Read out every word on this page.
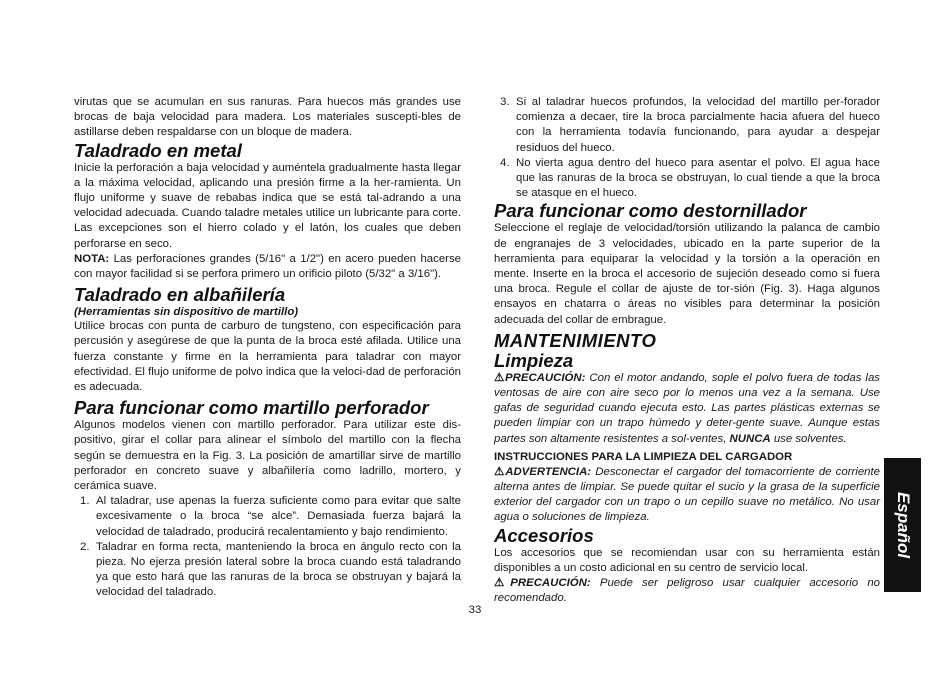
virutas que se acumulan en sus ranuras. Para huecos más grandes use brocas de baja velocidad para madera. Los materiales suscepti-bles de astillarse deben respaldarse con un bloque de madera.

Taladrado en metal

Inicie la perforación a baja velocidad y auméntela gradualmente hasta llegar a la máxima velocidad, aplicando una presión firme a la her-ramienta. Un flujo uniforme y suave de rebabas indica que se está tal-adrando a una velocidad adecuada. Cuando taladre metales utilice un lubricante para corte. Las excepciones son el hierro colado y el latón, los cuales que deben perforarse en seco.

NOTA: Las perforaciones grandes (5/16" a 1/2") en acero pueden hacerse con mayor facilidad si se perfora primero un orificio piloto (5/32" a 3/16").

Taladrado en albañilería
(Herramientas sin dispositivo de martillo)

Utilice brocas con punta de carburo de tungsteno, con especificación para percusión y asegúrese de que la punta de la broca esté afilada. Utilice una fuerza constante y firme en la herramienta para taladrar con mayor efectividad. El flujo uniforme de polvo indica que la veloci-dad de perforación es adecuada.

Para funcionar como martillo perforador

Algunos modelos vienen con martillo perforador. Para utilizar este dis-positivo, girar el collar para alinear el símbolo del martillo con la flecha según se demuestra en la Fig. 3. La posición de amartillar sirve de martillo perforador en concreto suave y albañilería como ladrillo, mortero, y cerámica suave.

1. Al taladrar, use apenas la fuerza suficiente como para evitar que salte excesivamente o la broca “se alce”. Demasiada fuerza bajará la velocidad de taladrado, producirá recalentamiento y bajo rendimiento.
2. Taladrar en forma recta, manteniendo la broca en ángulo recto con la pieza. No ejerza presión lateral sobre la broca cuando está taladrando ya que esto hará que las ranuras de la broca se obstruyan y bajará la velocidad del taladrado.
3. Si al taladrar huecos profundos, la velocidad del martillo per-forador comienza a decaer, tire la broca parcialmente hacia afuera del hueco con la herramienta todavía funcionando, para ayudar a despejar residuos del hueco.
4. No vierta agua dentro del hueco para asentar el polvo. El agua hace que las ranuras de la broca se obstruyan, lo cual tiende a que la broca se atasque en el hueco.
Para funcionar como destornillador

Seleccione el reglaje de velocidad/torsión utilizando la palanca de cambio de engranajes de 3 velocidades, ubicado en la parte superior de la herramienta para equiparar la velocidad y la torsión a la operación en mente. Inserte en la broca el accesorio de sujeción deseado como si fuera una broca. Regule el collar de ajuste de tor-sión (Fig. 3). Haga algunos ensayos en chatarra o áreas no visibles para determinar la posición adecuada del collar de embrague.

MANTENIMIENTO
Limpieza

⚠PRECAUCIÓN: Con el motor andando, sople el polvo fuera de todas las ventosas de aire con aire seco por lo menos una vez a la semana. Use gafas de seguridad cuando ejecuta esto. Las partes plásticas externas se pueden limpiar con un trapo húmedo y deter-gente suave. Aunque estas partes son altamente resistentes a sol-ventes, NUNCA use solventes.

INSTRUCCIONES PARA LA LIMPIEZA DEL CARGADOR

⚠ADVERTENCIA: Desconectar el cargador del tomacorriente de corriente alterna antes de limpiar. Se puede quitar el sucio y la grasa de la superficie exterior del cargador con un trapo o un cepillo suave no metálico. No usar agua o soluciones de limpieza.

Accesorios

Los accesorios que se recomiendan usar con su herramienta están disponibles a un costo adicional en su centro de servicio local.

⚠PRECAUCIÓN: Puede ser peligroso usar cualquier accesorio no recomendado.

33
Español
